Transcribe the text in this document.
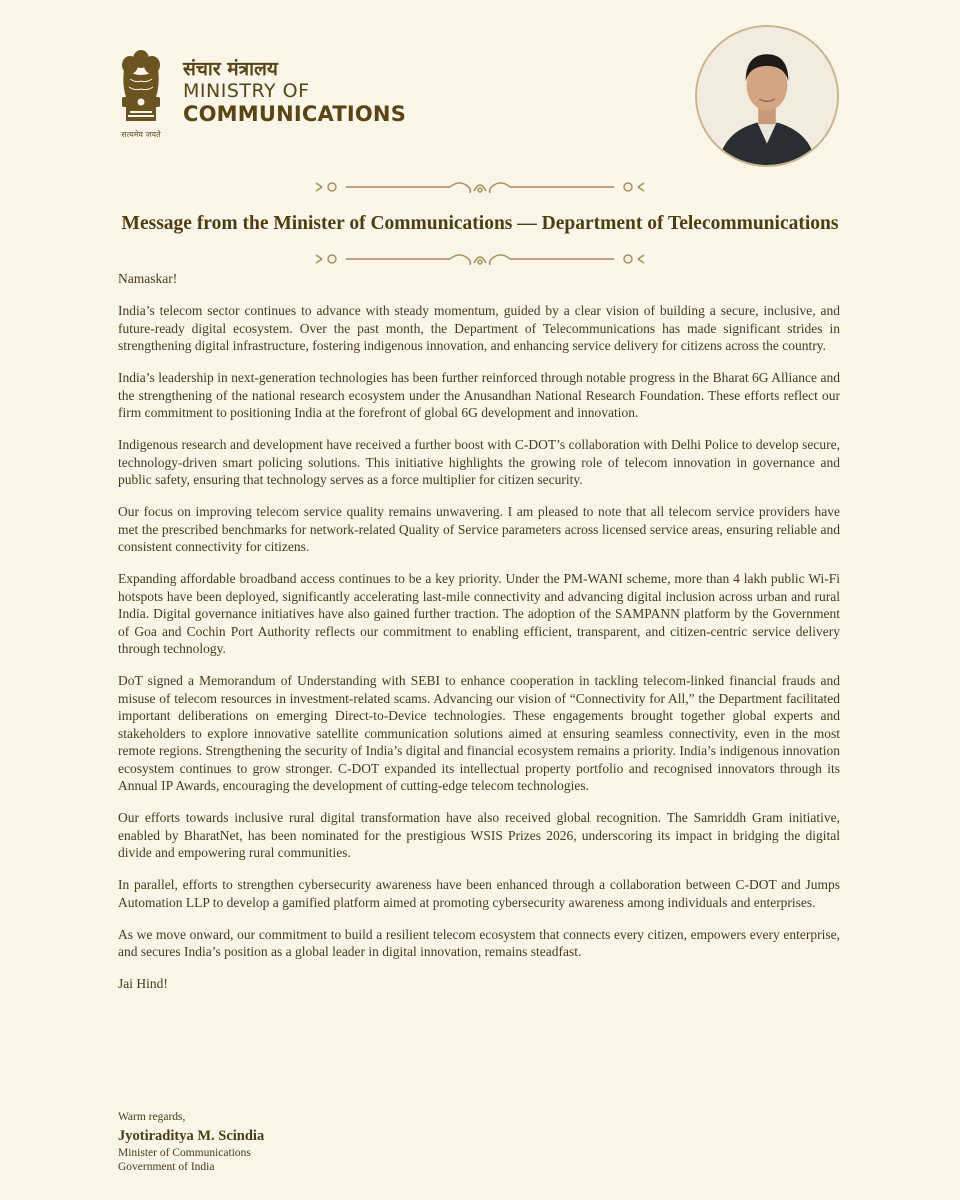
सत्यमेव जयते
संचार मंत्रालय
MINISTRY OF
COMMUNICATIONS
Message from the Minister of Communications — Department of Telecommunications

Namaskar!

India’s telecom sector continues to advance with steady momentum, guided by a clear vision of building a secure, inclusive, and future-ready digital ecosystem. Over the past month, the Department of Telecommunications has made significant strides in strengthening digital infrastructure, fostering indigenous innovation, and enhancing service delivery for citizens across the country.

India’s leadership in next-generation technologies has been further reinforced through notable progress in the Bharat 6G Alliance and the strengthening of the national research ecosystem under the Anusandhan National Research Foundation. These efforts reflect our firm commitment to positioning India at the forefront of global 6G development and innovation.

Indigenous research and development have received a further boost with C-DOT’s collaboration with Delhi Police to develop secure, technology-driven smart policing solutions. This initiative highlights the growing role of telecom innovation in governance and public safety, ensuring that technology serves as a force multiplier for citizen security.

Our focus on improving telecom service quality remains unwavering. I am pleased to note that all telecom service providers have met the prescribed benchmarks for network-related Quality of Service parameters across licensed service areas, ensuring reliable and consistent connectivity for citizens.

Expanding affordable broadband access continues to be a key priority. Under the PM-WANI scheme, more than 4 lakh public Wi-Fi hotspots have been deployed, significantly accelerating last-mile connectivity and advancing digital inclusion across urban and rural India. Digital governance initiatives have also gained further traction. The adoption of the SAMPANN platform by the Government of Goa and Cochin Port Authority reflects our commitment to enabling efficient, transparent, and citizen-centric service delivery through technology.

DoT signed a Memorandum of Understanding with SEBI to enhance cooperation in tackling telecom-linked financial frauds and misuse of telecom resources in investment-related scams. Advancing our vision of “Connectivity for All,” the Department facilitated important deliberations on emerging Direct-to-Device technologies. These engagements brought together global experts and stakeholders to explore innovative satellite communication solutions aimed at ensuring seamless connectivity, even in the most remote regions. Strengthening the security of India’s digital and financial ecosystem remains a priority. India’s indigenous innovation ecosystem continues to grow stronger. C-DOT expanded its intellectual property portfolio and recognised innovators through its Annual IP Awards, encouraging the development of cutting-edge telecom technologies.

Our efforts towards inclusive rural digital transformation have also received global recognition. The Samriddh Gram initiative, enabled by BharatNet, has been nominated for the prestigious WSIS Prizes 2026, underscoring its impact in bridging the digital divide and empowering rural communities.

In parallel, efforts to strengthen cybersecurity awareness have been enhanced through a collaboration between C-DOT and Jumps Automation LLP to develop a gamified platform aimed at promoting cybersecurity awareness among individuals and enterprises.

As we move onward, our commitment to build a resilient telecom ecosystem that connects every citizen, empowers every enterprise, and secures India’s position as a global leader in digital innovation, remains steadfast.

Jai Hind!

Warm regards,
Jyotiraditya M. Scindia
Minister of Communications
Government of India
